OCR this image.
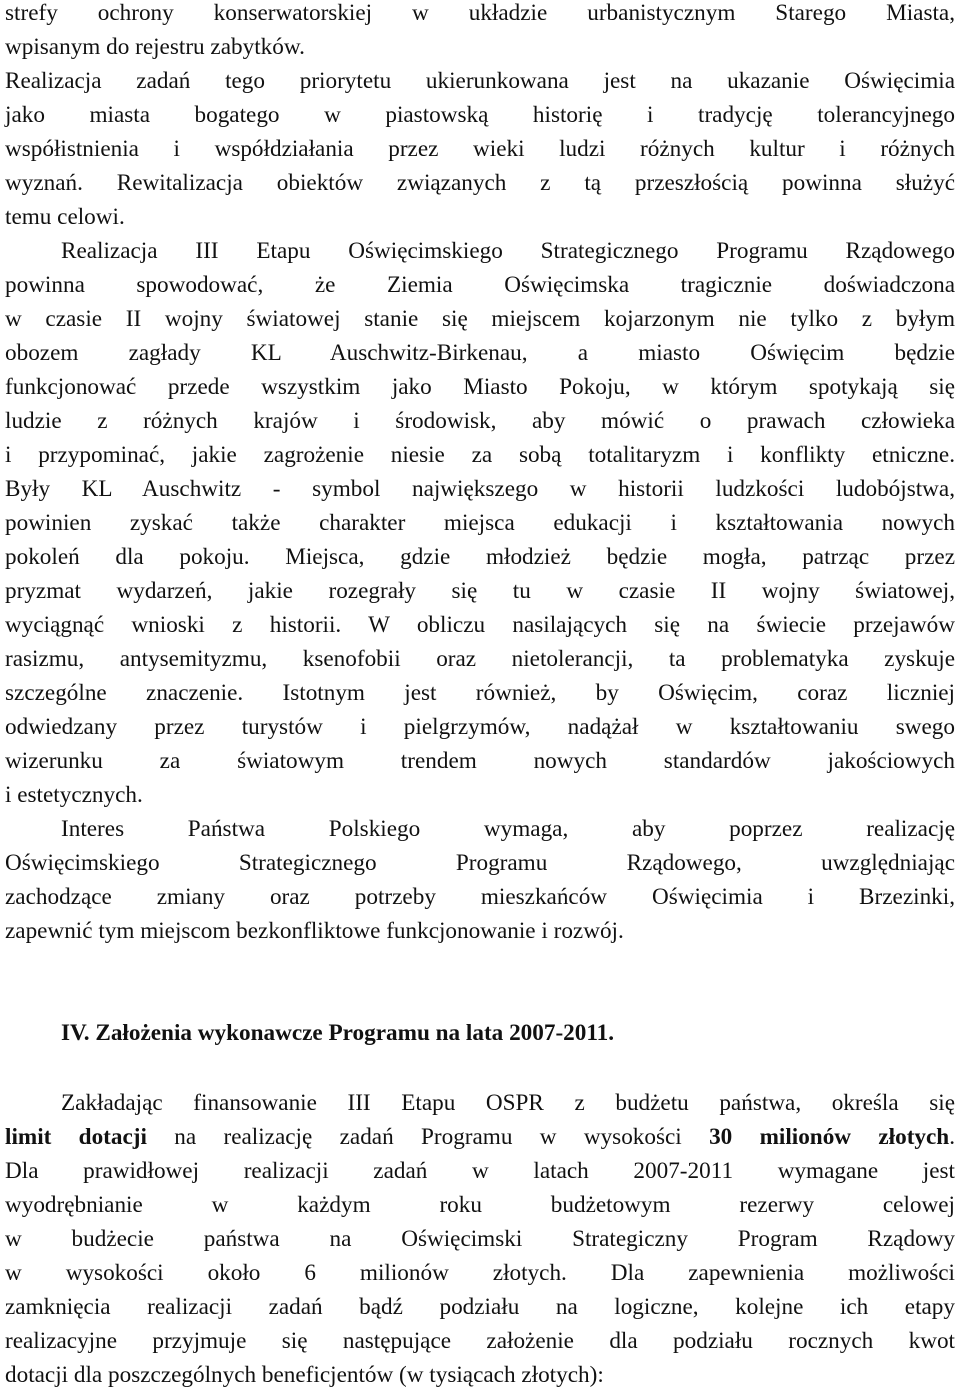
strefy ochrony konserwatorskiej w układzie urbanistycznym Starego Miasta,
wpisanym do rejestru zabytków.
Realizacja zadań tego priorytetu ukierunkowana jest na ukazanie Oświęcimia
jako miasta bogatego w piastowską historię i tradycję tolerancyjnego
współistnienia i współdziałania przez wieki ludzi różnych kultur i różnych
wyznań. Rewitalizacja obiektów związanych z tą przeszłością powinna służyć
temu celowi.
Realizacja III Etapu Oświęcimskiego Strategicznego Programu Rządowego
powinna spowodować, że Ziemia Oświęcimska tragicznie doświadczona
w czasie II wojny światowej stanie się miejscem kojarzonym nie tylko z byłym
obozem zagłady KL Auschwitz-Birkenau, a miasto Oświęcim będzie
funkcjonować przede wszystkim jako Miasto Pokoju, w którym spotykają się
ludzie z różnych krajów i środowisk, aby mówić o prawach człowieka
i przypominać, jakie zagrożenie niesie za sobą totalitaryzm i konflikty etniczne.
Były KL Auschwitz - symbol największego w historii ludzkości ludobójstwa,
powinien zyskać także charakter miejsca edukacji i kształtowania nowych
pokoleń dla pokoju. Miejsca, gdzie młodzież będzie mogła, patrząc przez
pryzmat wydarzeń, jakie rozegrały się tu w czasie II wojny światowej,
wyciągnąć wnioski z historii. W obliczu nasilających się na świecie przejawów
rasizmu, antysemityzmu, ksenofobii oraz nietolerancji, ta problematyka zyskuje
szczególne znaczenie. Istotnym jest również, by Oświęcim, coraz liczniej
odwiedzany przez turystów i pielgrzymów, nadążał w kształtowaniu swego
wizerunku za światowym trendem nowych standardów jakościowych
i estetycznych.
Interes Państwa Polskiego wymaga, aby poprzez realizację
Oświęcimskiego Strategicznego Programu Rządowego, uwzględniając
zachodzące zmiany oraz potrzeby mieszkańców Oświęcimia i Brzezinki,
zapewnić tym miejscom bezkonfliktowe funkcjonowanie i rozwój.

IV. Założenia wykonawcze Programu na lata 2007-2011.

Zakładając finansowanie III Etapu OSPR z budżetu państwa, określa się
limit dotacji na realizację zadań Programu w wysokości 30 milionów złotych.
Dla prawidłowej realizacji zadań w latach 2007-2011 wymagane jest
wyodrębnianie w każdym roku budżetowym rezerwy celowej
w budżecie państwa na Oświęcimski Strategiczny Program Rządowy
w wysokości około 6 milionów złotych. Dla zapewnienia możliwości
zamknięcia realizacji zadań bądź podziału na logiczne, kolejne ich etapy
realizacyjne przyjmuje się następujące założenie dla podziału rocznych kwot
dotacji dla poszczególnych beneficjentów (w tysiącach złotych):
